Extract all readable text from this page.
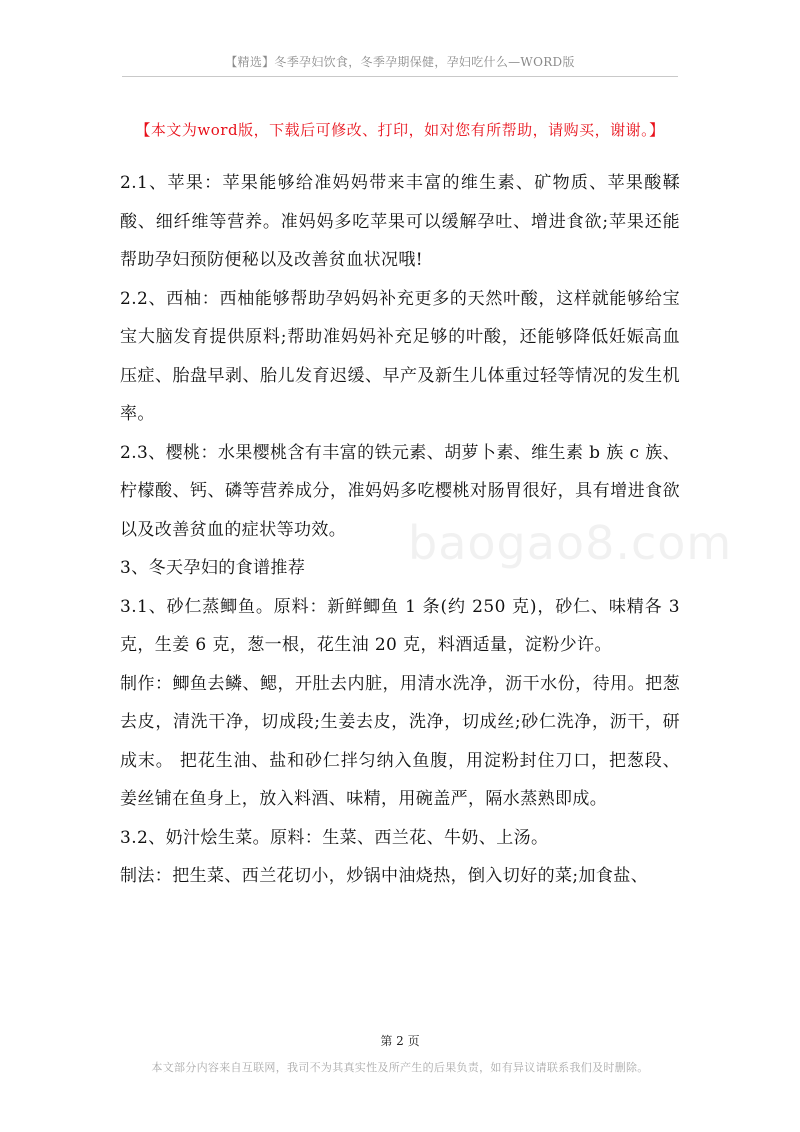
【精选】冬季孕妇饮食，冬季孕期保健，孕妇吃什么—WORD版
【本文为word版，下载后可修改、打印，如对您有所帮助，请购买，谢谢。】
baogao8.com

2.1、苹果：苹果能够给准妈妈带来丰富的维生素、矿物质、苹果酸鞣酸、细纤维等营养。准妈妈多吃苹果可以缓解孕吐、增进食欲;苹果还能帮助孕妇预防便秘以及改善贫血状况哦!

2.2、西柚：西柚能够帮助孕妈妈补充更多的天然叶酸，这样就能够给宝宝大脑发育提供原料;帮助准妈妈补充足够的叶酸，还能够降低妊娠高血压症、胎盘早剥、胎儿发育迟缓、早产及新生儿体重过轻等情况的发生机率。

2.3、樱桃：水果樱桃含有丰富的铁元素、胡萝卜素、维生素 b 族 c 族、柠檬酸、钙、磷等营养成分，准妈妈多吃樱桃对肠胃很好，具有增进食欲以及改善贫血的症状等功效。

3、冬天孕妇的食谱推荐

3.1、砂仁蒸鲫鱼。原料：新鲜鲫鱼 1 条(约 250 克)，砂仁、味精各 3 克，生姜 6 克，葱一根，花生油 20 克，料酒适量，淀粉少许。

制作：鲫鱼去鳞、鳃，开肚去内脏，用清水洗净，沥干水份，待用。把葱去皮，清洗干净，切成段;生姜去皮，洗净，切成丝;砂仁洗净，沥干，研成末。 把花生油、盐和砂仁拌匀纳入鱼腹，用淀粉封住刀口，把葱段、姜丝铺在鱼身上，放入料酒、味精，用碗盖严，隔水蒸熟即成。

3.2、奶汁烩生菜。原料：生菜、西兰花、牛奶、上汤。

制法：把生菜、西兰花切小，炒锅中油烧热，倒入切好的菜;加食盐、

第 2 页
本文部分内容来自互联网，我司不为其真实性及所产生的后果负责，如有异议请联系我们及时删除。
